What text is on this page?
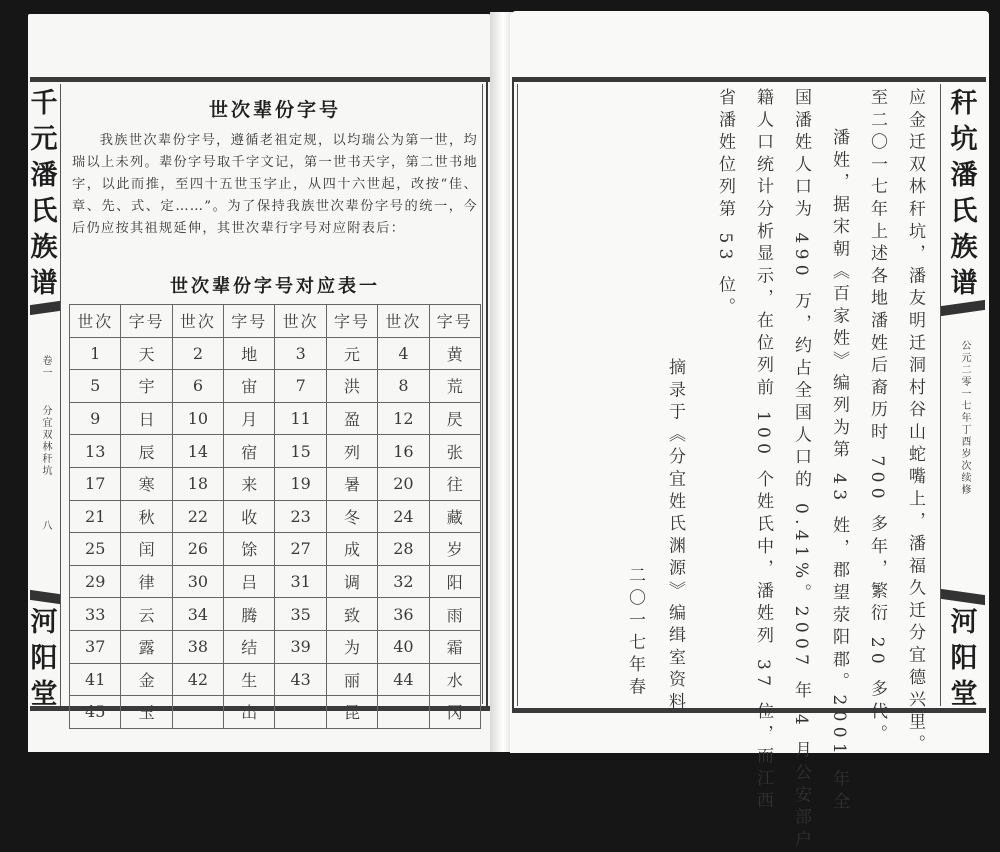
千
元
潘
氏
族
谱
卷一
分宜双林秆坑
八
河
阳
堂
世次辈份字号

我族世次辈份字号，遵循老祖定规，以均瑞公为第一世，均瑞以上未列。辈份字号取千字文记，第一世书天字，第二世书地字，以此而推，至四十五世玉字止，从四十六世起，改按“佳、章、先、式、定……”。为了保持我族世次辈份字号的统一，今后仍应按其祖规延伸，其世次辈行字号对应附表后：

世次辈份字号对应表一
世次	字号	世次	字号	世次	字号	世次	字号
1	天	2	地	3	元	4	黄
5	宇	6	宙	7	洪	8	荒
9	日	10	月	11	盈	12	昃
13	辰	14	宿	15	列	16	张
17	寒	18	来	19	暑	20	往
21	秋	22	收	23	冬	24	藏
25	闰	26	馀	27	成	28	岁
29	律	30	吕	31	调	32	阳
33	云	34	腾	35	致	36	雨
37	露	38	结	39	为	40	霜
41	金	42	生	43	丽	44	水
45	玉		出		昆		冈
秆
坑
潘
氏
族
谱
公元二零一七年丁酉岁次续修
河
阳
堂
应金迁双林秆坑，潘友明迁洞村谷山蛇嘴上，潘福久迁分宜德兴里。
至二〇一七年上述各地潘姓后裔历时 700 多年，繁衍 20 多代。
潘姓，据宋朝《百家姓》编列为第 43 姓，郡望荥阳郡。2001 年全
国潘姓人口为 490 万，约占全国人口的 0.41%。2007 年 4 月公安部户
籍人口统计分析显示，在位列前 100 个姓氏中，潘姓列 37 位，而江西
省潘姓位列第 53 位。
摘录于《分宜姓氏渊源》编缉室资料
二〇一七年春
